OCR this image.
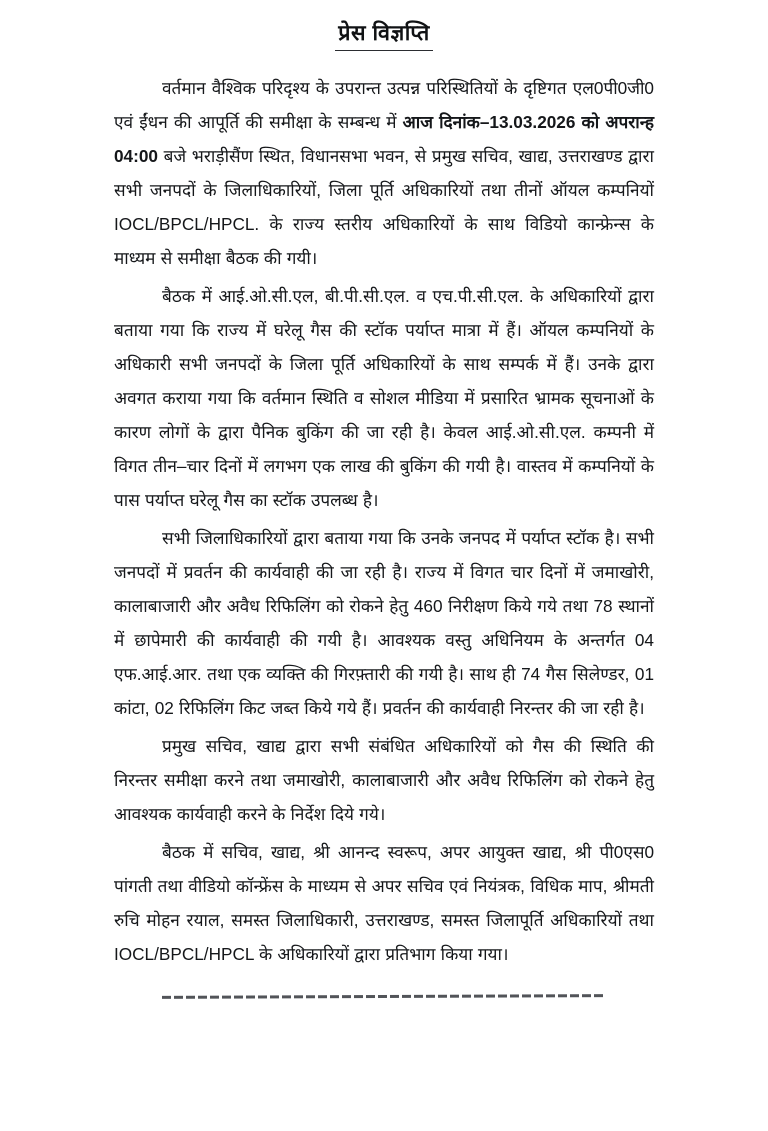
प्रेस विज्ञप्ति

वर्तमान वैश्विक परिदृश्य के उपरान्त उत्पन्न परिस्थितियों के दृष्टिगत एल0पी0जी0 एवं ईंधन की आपूर्ति की समीक्षा के सम्बन्ध में आज दिनांक–13.03.2026 को अपरान्ह 04:00 बजे भराड़ीसैंण स्थित, विधानसभा भवन, से प्रमुख सचिव, खाद्य, उत्तराखण्ड द्वारा सभी जनपदों के जिलाधिकारियों, जिला पूर्ति अधिकारियों तथा तीनों ऑयल कम्पनियों IOCL/BPCL/HPCL. के राज्य स्तरीय अधिकारियों के साथ विडियो कान्फ्रेन्स के माध्यम से समीक्षा बैठक की गयी।

बैठक में आई.ओ.सी.एल, बी.पी.सी.एल. व एच.पी.सी.एल. के अधिकारियों द्वारा बताया गया कि राज्य में घरेलू गैस की स्टॉक पर्याप्त मात्रा में हैं। ऑयल कम्पनियों के अधिकारी सभी जनपदों के जिला पूर्ति अधिकारियों के साथ सम्पर्क में हैं। उनके द्वारा अवगत कराया गया कि वर्तमान स्थिति व सोशल मीडिया में प्रसारित भ्रामक सूचनाओं के कारण लोगों के द्वारा पैनिक बुकिंग की जा रही है। केवल आई.ओ.सी.एल. कम्पनी में विगत तीन–चार दिनों में लगभग एक लाख की बुकिंग की गयी है। वास्तव में कम्पनियों के पास पर्याप्त घरेलू गैस का स्टॉक उपलब्ध है।

सभी जिलाधिकारियों द्वारा बताया गया कि उनके जनपद में पर्याप्त स्टॉक है। सभी जनपदों में प्रवर्तन की कार्यवाही की जा रही है। राज्य में विगत चार दिनों में जमाखोरी, कालाबाजारी और अवैध रिफिलिंग को रोकने हेतु 460 निरीक्षण किये गये तथा 78 स्थानों में छापेमारी की कार्यवाही की गयी है। आवश्यक वस्तु अधिनियम के अन्तर्गत 04 एफ.आई.आर. तथा एक व्यक्ति की गिरफ़्तारी की गयी है। साथ ही 74 गैस सिलेण्डर, 01 कांटा, 02 रिफिलिंग किट जब्त किये गये हैं। प्रवर्तन की कार्यवाही निरन्तर की जा रही है।

प्रमुख सचिव, खाद्य द्वारा सभी संबंधित अधिकारियों को गैस की स्थिति की निरन्तर समीक्षा करने तथा जमाखोरी, कालाबाजारी और अवैध रिफिलिंग को रोकने हेतु आवश्यक कार्यवाही करने के निर्देश दिये गये।

बैठक में सचिव, खाद्य, श्री आनन्द स्वरूप, अपर आयुक्त खाद्य, श्री पी0एस0 पांगती तथा वीडियो कॉन्फ्रेंस के माध्यम से अपर सचिव एवं नियंत्रक, विधिक माप, श्रीमती रुचि मोहन रयाल, समस्त जिलाधिकारी, उत्तराखण्ड, समस्त जिलापूर्ति अधिकारियों तथा IOCL/BPCL/HPCL के अधिकारियों द्वारा प्रतिभाग किया गया।
